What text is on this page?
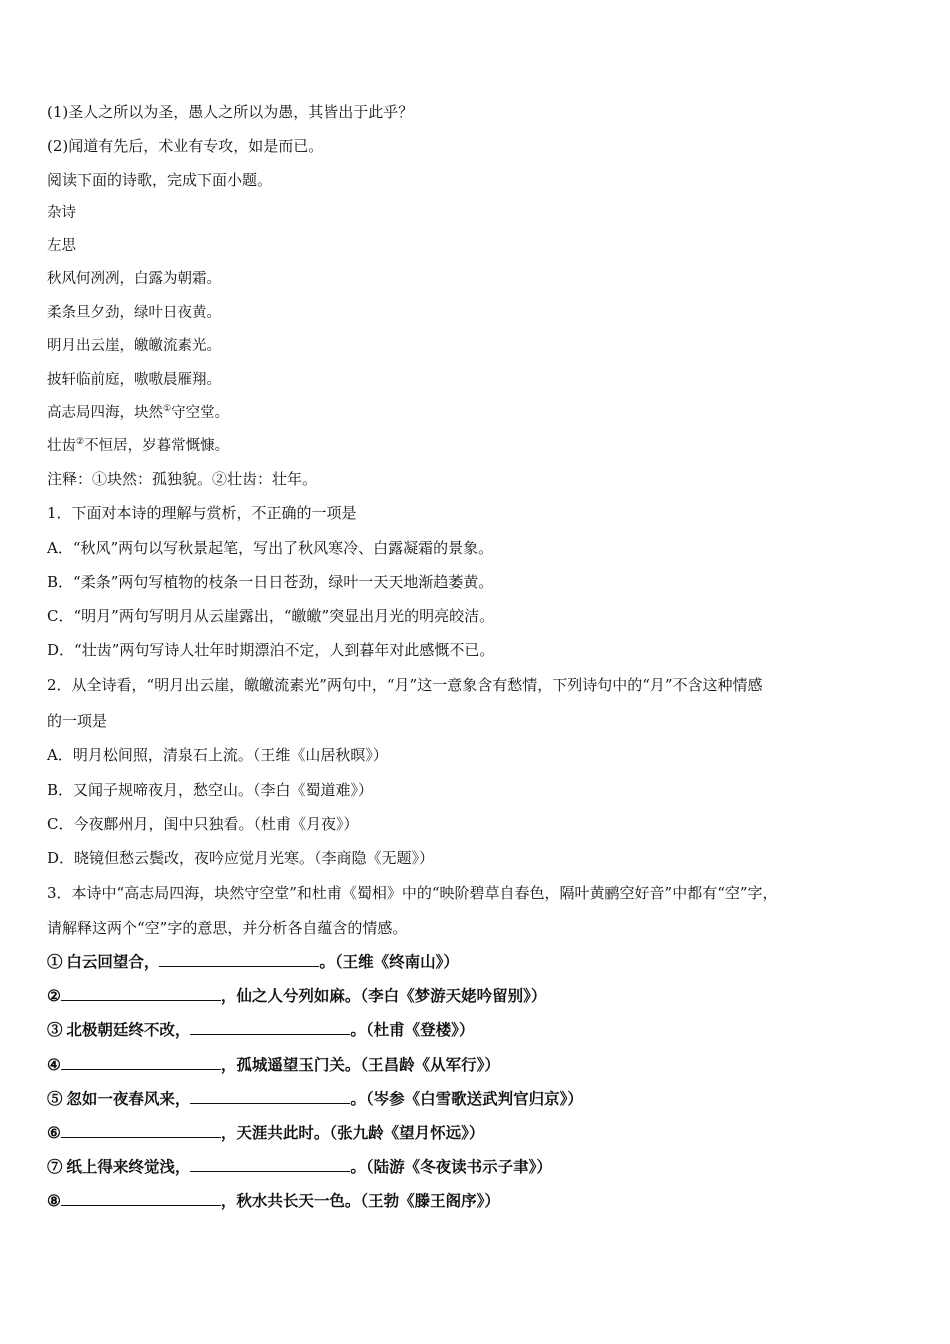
(1)圣人之所以为圣，愚人之所以为愚，其皆出于此乎？
(2)闻道有先后，术业有专攻，如是而已。
阅读下面的诗歌，完成下面小题。
杂诗
左思
秋风何冽冽，白露为朝霜。
柔条旦夕劲，绿叶日夜黄。
明月出云崖，皦皦流素光。
披轩临前庭，嗷嗷晨雁翔。
高志局四海，块然①守空堂。
壮齿②不恒居，岁暮常慨慷。
注释：①块然：孤独貌。②壮齿：壮年。
1．下面对本诗的理解与赏析，不正确的一项是
A．“秋风”两句以写秋景起笔，写出了秋风寒冷、白露凝霜的景象。
B．“柔条”两句写植物的枝条一日日苍劲，绿叶一天天地渐趋萎黄。
C．“明月”两句写明月从云崖露出，“皦皦”突显出月光的明亮皎洁。
D．“壮齿”两句写诗人壮年时期漂泊不定，人到暮年对此感慨不已。
2．从全诗看，“明月出云崖，皦皦流素光”两句中，“月”这一意象含有愁情，下列诗句中的“月”不含这种情感
的一项是
A．明月松间照，清泉石上流。（王维《山居秋暝》）
B．又闻子规啼夜月，愁空山。（李白《蜀道难》）
C．今夜鄜州月，闺中只独看。（杜甫《月夜》）
D．晓镜但愁云鬓改，夜吟应觉月光寒。（李商隐《无题》）
3．本诗中“高志局四海，块然守空堂”和杜甫《蜀相》中的“映阶碧草自春色，隔叶黄鹂空好音”中都有“空”字，
请解释这两个“空”字的意思，并分析各自蕴含的情感。
① 白云回望合，	。（王维《终南山》）
②	，仙之人兮列如麻。（李白《梦游天姥吟留别》）
③ 北极朝廷终不改，	。（杜甫《登楼》）
④	，孤城遥望玉门关。（王昌龄《从军行》）
⑤ 忽如一夜春风来，	。（岑参《白雪歌送武判官归京》）
⑥	，天涯共此时。（张九龄《望月怀远》）
⑦ 纸上得来终觉浅，	。（陆游《冬夜读书示子聿》）
⑧	，秋水共长天一色。（王勃《滕王阁序》）
